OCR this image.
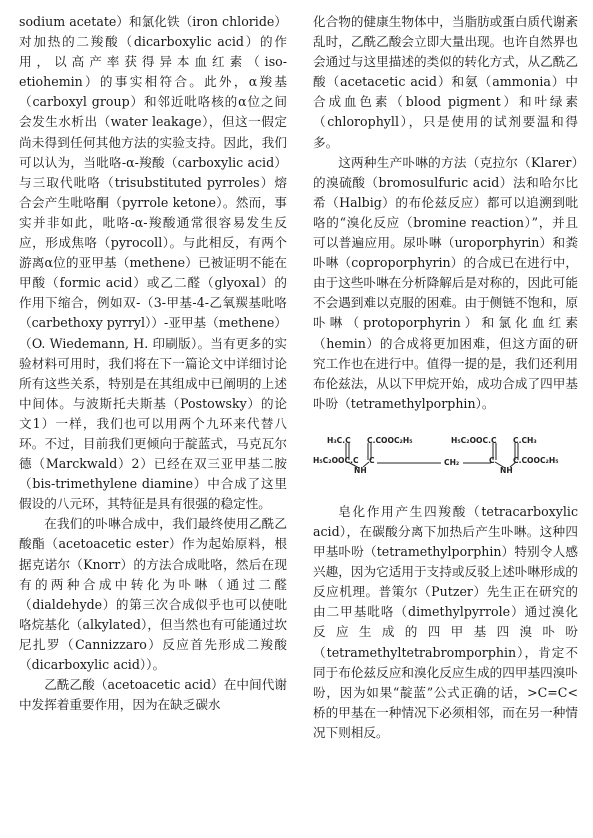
sodium acetate）和氯化铁（iron chloride）对加热的二羧酸（dicarboxylic acid）的作用，以高产率获得异本血红素（iso-etiohemin）的事实相符合。此外，α羧基（carboxyl group）和邻近吡咯核的α位之间会发生水析出（water leakage），但这一假定尚未得到任何其他方法的实验支持。因此，我们可以认为，当吡咯-α-羧酸（carboxylic acid）与三取代吡咯（trisubstituted pyrroles）熔合会产生吡咯酮（pyrrole ketone）。然而，事实并非如此，吡咯-α-羧酸通常很容易发生反应，形成焦咯（pyrocoll）。与此相反，有两个游离α位的亚甲基（methene）已被证明不能在甲酸（formic acid）或乙二醛（glyoxal）的作用下缩合，例如双-（3-甲基-4-乙氧羰基吡咯（carbethoxy pyrryl））-亚甲基（methene）（O. Wiedemann, H. 印刷版）。当有更多的实验材料可用时，我们将在下一篇论文中详细讨论所有这些关系，特别是在其组成中已阐明的上述中间体。与波斯托夫斯基（Postowsky）的论文1）一样，我们也可以用两个九环来代替八环。不过，目前我们更倾向于靛蓝式，马克瓦尔德（Marckwald）2）已经在双三亚甲基二胺（bis-trimethylene diamine）中合成了这里假设的八元环，其特征是具有很强的稳定性。

在我们的卟啉合成中，我们最终使用乙酰乙酸酯（acetoacetic ester）作为起始原料，根据克诺尔（Knorr）的方法合成吡咯，然后在现有的两种合成中转化为卟啉（通过二醛（dialdehyde）的第三次合成似乎也可以使吡咯烷基化（alkylated），但当然也有可能通过坎尼扎罗（Cannizzaro）反应首先形成二羧酸（dicarboxylic acid））。

乙酰乙酸（acetoacetic acid）在中间代谢中发挥着重要作用，因为在缺乏碳水

化合物的健康生物体中，当脂肪或蛋白质代谢紊乱时，乙酰乙酸会立即大量出现。也许自然界也会通过与这里描述的类似的转化方式，从乙酰乙酸（acetacetic acid）和氨（ammonia）中合成血色素（blood pigment）和叶绿素（chlorophyll），只是使用的试剂要温和得多。

这两种生产卟啉的方法（克拉尔（Klarer）的溴硫酸（bromosulfuric acid）法和哈尔比希（Halbig）的布伦兹反应）都可以追溯到吡咯的“溴化反应（bromine reaction）”，并且可以普遍应用。尿卟啉（uroporphyrin）和粪卟啉（coproporphyrin）的合成已在进行中，由于这些卟啉在分析降解后是对称的，因此可能不会遇到难以克服的困难。由于侧链不饱和，原卟啉（protoporphyrin）和氯化血红素（hemin）的合成将更加困难，但这方面的研究工作也在进行中。值得一提的是，我们还利用布伦兹法，从以下甲烷开始，成功合成了四甲基卟吩（tetramethylporphin）。

H₃C.C C.COOC₂H₅
H₅C₂OOC.C C
NH
CH₂
H₅C₂OOC.C C.CH₃
C C.COOC₂H₅
NH

皂化作用产生四羧酸（tetracarboxylic acid），在碳酸分离下加热后产生卟啉。这种四甲基卟吩（tetramethylporphin）特别令人感兴趣，因为它适用于支持或反驳上述卟啉形成的反应机理。普策尔（Putzer）先生正在研究的由二甲基吡咯（dimethylpyrrole）通过溴化反应生成的四甲基四溴卟吩（tetramethyltetrabromporphin），肯定不同于布伦兹反应和溴化反应生成的四甲基四溴卟吩，因为如果“靛蓝”公式正确的话，>C=C<桥的甲基在一种情况下必须相邻，而在另一种情况下则相反。
